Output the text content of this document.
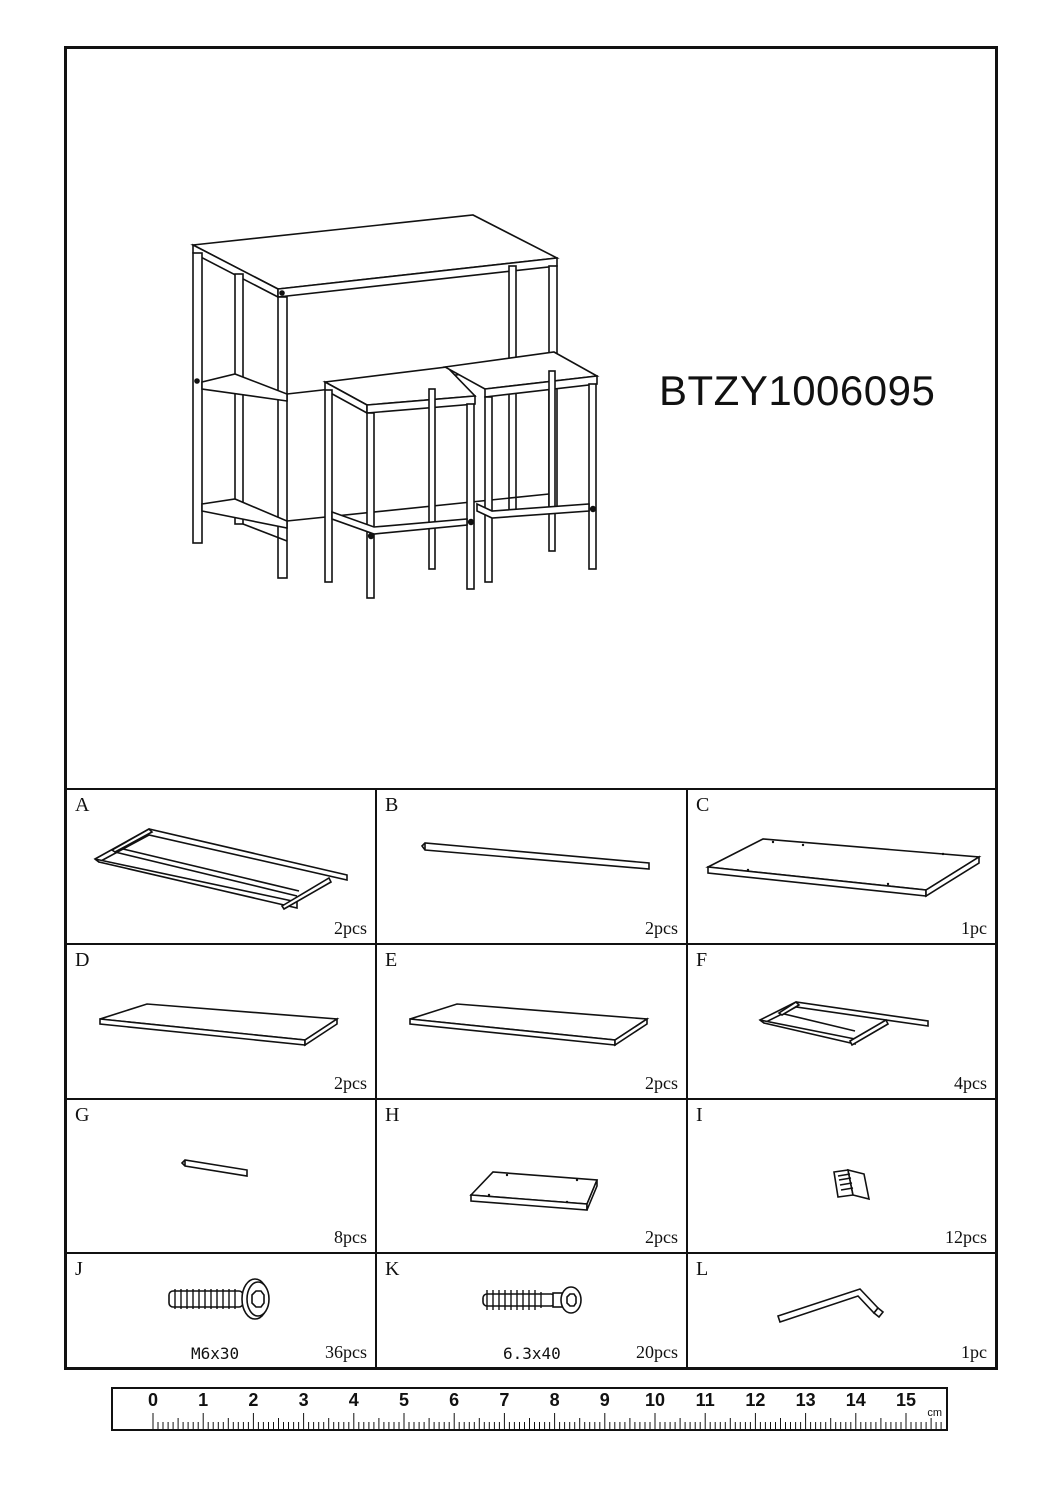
BTZY1006095
A
2pcs
B
2pcs
C
1pc
D
2pcs
E
2pcs
F
4pcs
G
8pcs
H
2pcs
I
12pcs
J
36pcs
M6x30
K
20pcs
6.3x40
L
1pc
cm
0 1 2 3 4 5 6 7 8 9 10 11 12 13 14 15
